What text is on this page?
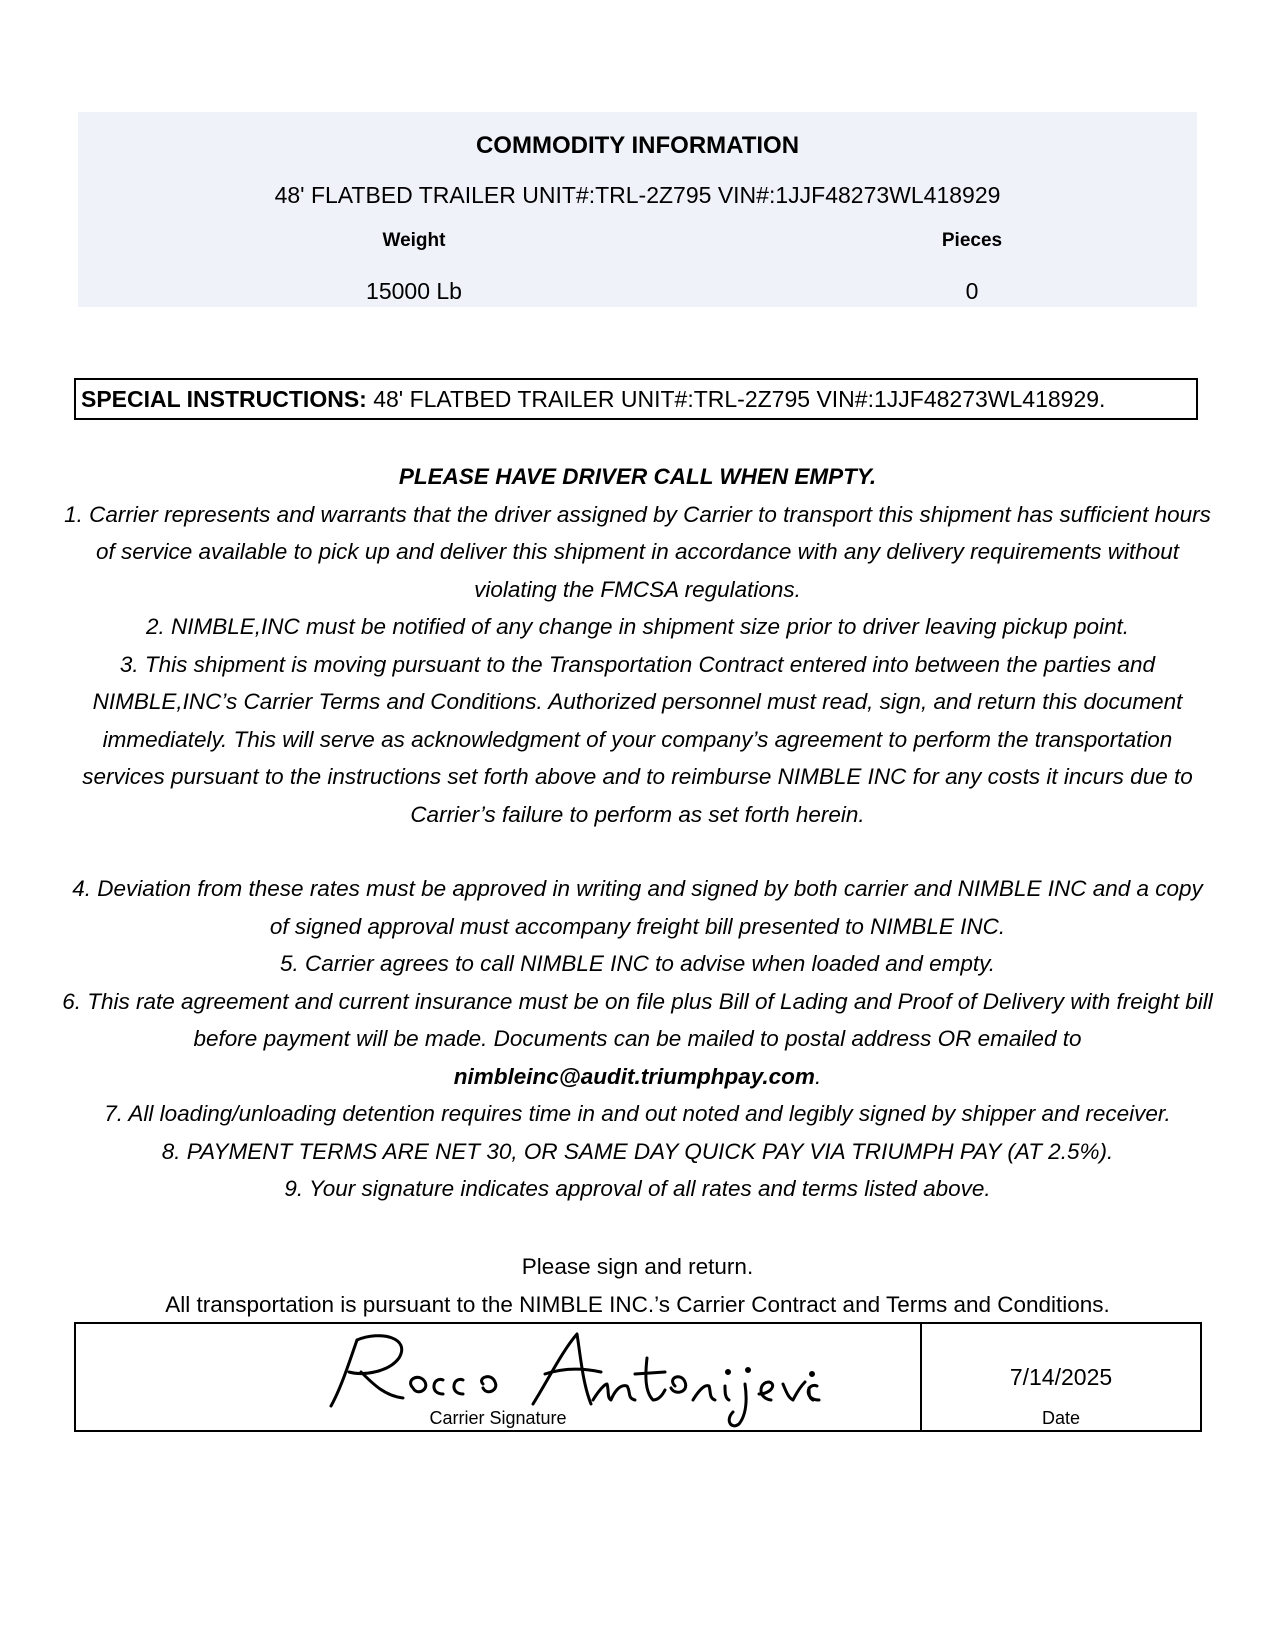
COMMODITY INFORMATION
48' FLATBED TRAILER UNIT#:TRL-2Z795 VIN#:1JJF48273WL418929
Weight	Pieces
15000 Lb	0
SPECIAL INSTRUCTIONS: 48' FLATBED TRAILER UNIT#:TRL-2Z795 VIN#:1JJF48273WL418929.

PLEASE HAVE DRIVER CALL WHEN EMPTY.

1. Carrier represents and warrants that the driver assigned by Carrier to transport this shipment has sufficient hours of service available to pick up and deliver this shipment in accordance with any delivery requirements without violating the FMCSA regulations.

2. NIMBLE,INC must be notified of any change in shipment size prior to driver leaving pickup point.

3. This shipment is moving pursuant to the Transportation Contract entered into between the parties and NIMBLE,INC’s Carrier Terms and Conditions. Authorized personnel must read, sign, and return this document immediately. This will serve as acknowledgment of your company’s agreement to perform the transportation services pursuant to the instructions set forth above and to reimburse NIMBLE INC for any costs it incurs due to Carrier’s failure to perform as set forth herein.

4. Deviation from these rates must be approved in writing and signed by both carrier and NIMBLE INC and a copy of signed approval must accompany freight bill presented to NIMBLE INC.

5. Carrier agrees to call NIMBLE INC to advise when loaded and empty.

6. This rate agreement and current insurance must be on file plus Bill of Lading and Proof of Delivery with freight bill before payment will be made. Documents can be mailed to postal address OR emailed to nimbleinc@audit.triumphpay.com.

7. All loading/unloading detention requires time in and out noted and legibly signed by shipper and receiver.

8. PAYMENT TERMS ARE NET 30, OR SAME DAY QUICK PAY VIA TRIUMPH PAY (AT 2.5%).

9. Your signature indicates approval of all rates and terms listed above.

Please sign and return.

All transportation is pursuant to the NIMBLE INC.’s Carrier Contract and Terms and Conditions.

Carrier Signature
7/14/2025
Date
